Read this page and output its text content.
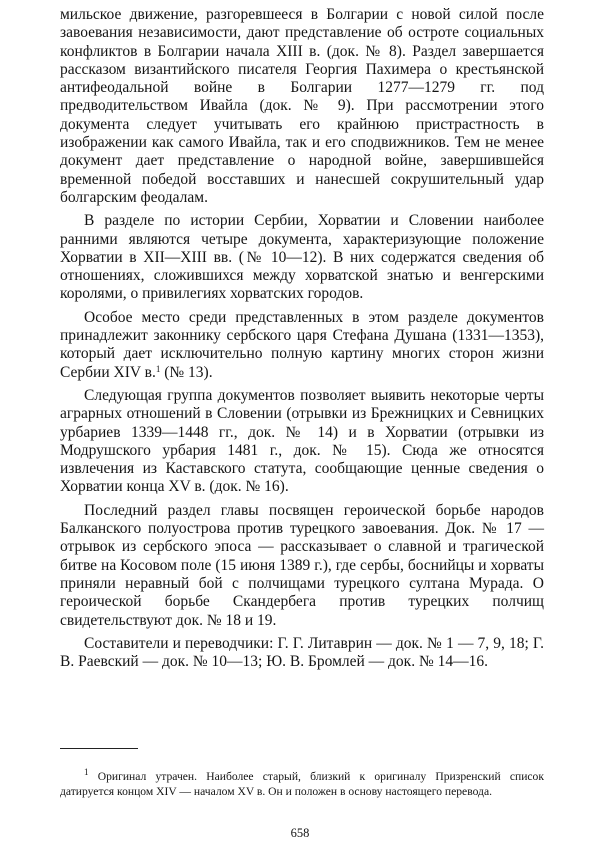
мильское движение, разгоревшееся в Болгарии с новой силой после завоевания независимости, дают представление об остроте социальных конфликтов в Болгарии начала XIII в. (док. № 8). Раздел завершается рассказом византийского писателя Георгия Пахимера о крестьянской антифеодальной войне в Болгарии 1277—1279 гг. под предводительством Ивайла (док. № 9). При рассмотрении этого документа следует учитывать его крайнюю пристрастность в изображении как самого Ивайла, так и его сподвижников. Тем не менее документ дает представление о народной войне, завершившейся временной победой восставших и нанесшей сокрушительный удар болгарским феодалам.

В разделе по истории Сербии, Хорватии и Словении наиболее ранними являются четыре документа, характеризующие положение Хорватии в XII—XIII вв. (№ 10—12). В них содержатся сведения об отношениях, сложившихся между хорватской знатью и венгерскими королями, о привилегиях хорватских городов.

Особое место среди представленных в этом разделе документов принадлежит законнику сербского царя Стефана Душана (1331—1353), который дает исключительно полную картину многих сторон жизни Сербии XIV в.$^1$ (№ 13).

Следующая группа документов позволяет выявить некоторые черты аграрных отношений в Словении (отрывки из Брежницких и Севницких урбариев 1339—1448 гг., док. № 14) и в Хорватии (отрывки из Модрушского урбария 1481 г., док. № 15). Сюда же относятся извлечения из Каставского статута, сообщающие ценные сведения о Хорватии конца XV в. (док. № 16).

Последний раздел главы посвящен героической борьбе народов Балканского полуострова против турецкого завоевания. Док. № 17 — отрывок из сербского эпоса — рассказывает о славной и трагической битве на Косовом поле (15 июня 1389 г.), где сербы, боснийцы и хорваты приняли неравный бой с полчищами турецкого султана Мурада. О героической борьбе Скандербега против турецких полчищ свидетельствуют док. № 18 и 19.

Составители и переводчики: Г. Г. Литаврин — док. № 1 — 7, 9, 18; Г. В. Раевский — док. № 10—13; Ю. В. Бромлей — док. № 14—16.

$^1$ Оригинал утрачен. Наиболее старый, близкий к оригиналу Призренский список датируется концом XIV — началом XV в. Он и положен в основу настоящего перевода.

658
